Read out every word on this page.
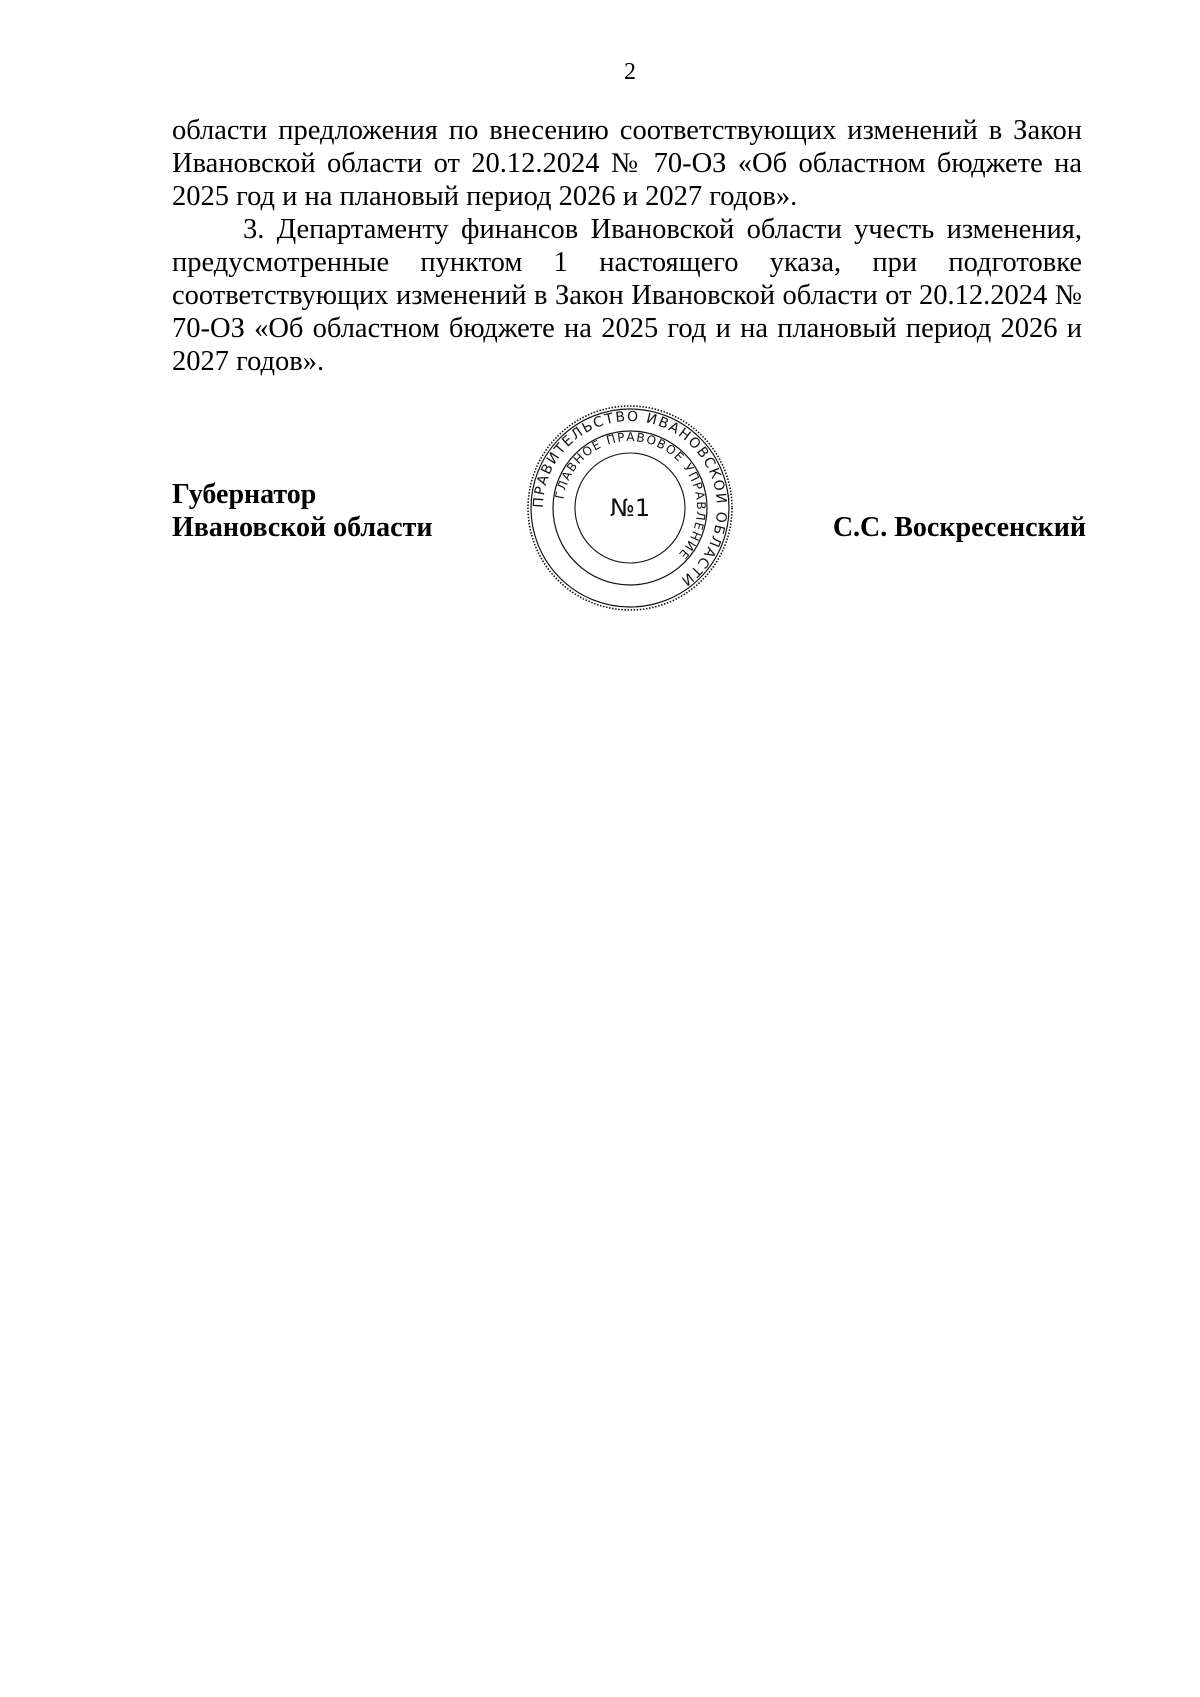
2

области предложения по внесению соответствующих изменений в Закон Ивановской области от 20.12.2024 № 70-ОЗ «Об областном бюджете на 2025 год и на плановый период 2026 и 2027 годов».

3. Департаменту финансов Ивановской области учесть изменения, предусмотренные пунктом 1 настоящего указа, при подготовке соответствующих изменений в Закон Ивановской области от 20.12.2024 № 70-ОЗ «Об областном бюджете на 2025 год и на плановый период 2026 и 2027 годов».

Губернатор
Ивановской области
ПРАВИТЕЛЬСТВО ИВАНОВСКОЙ ОБЛАСТИ
ГЛАВНОЕ ПРАВОВОЕ УПРАВЛЕНИЕ
№1
С.С. Воскресенский
